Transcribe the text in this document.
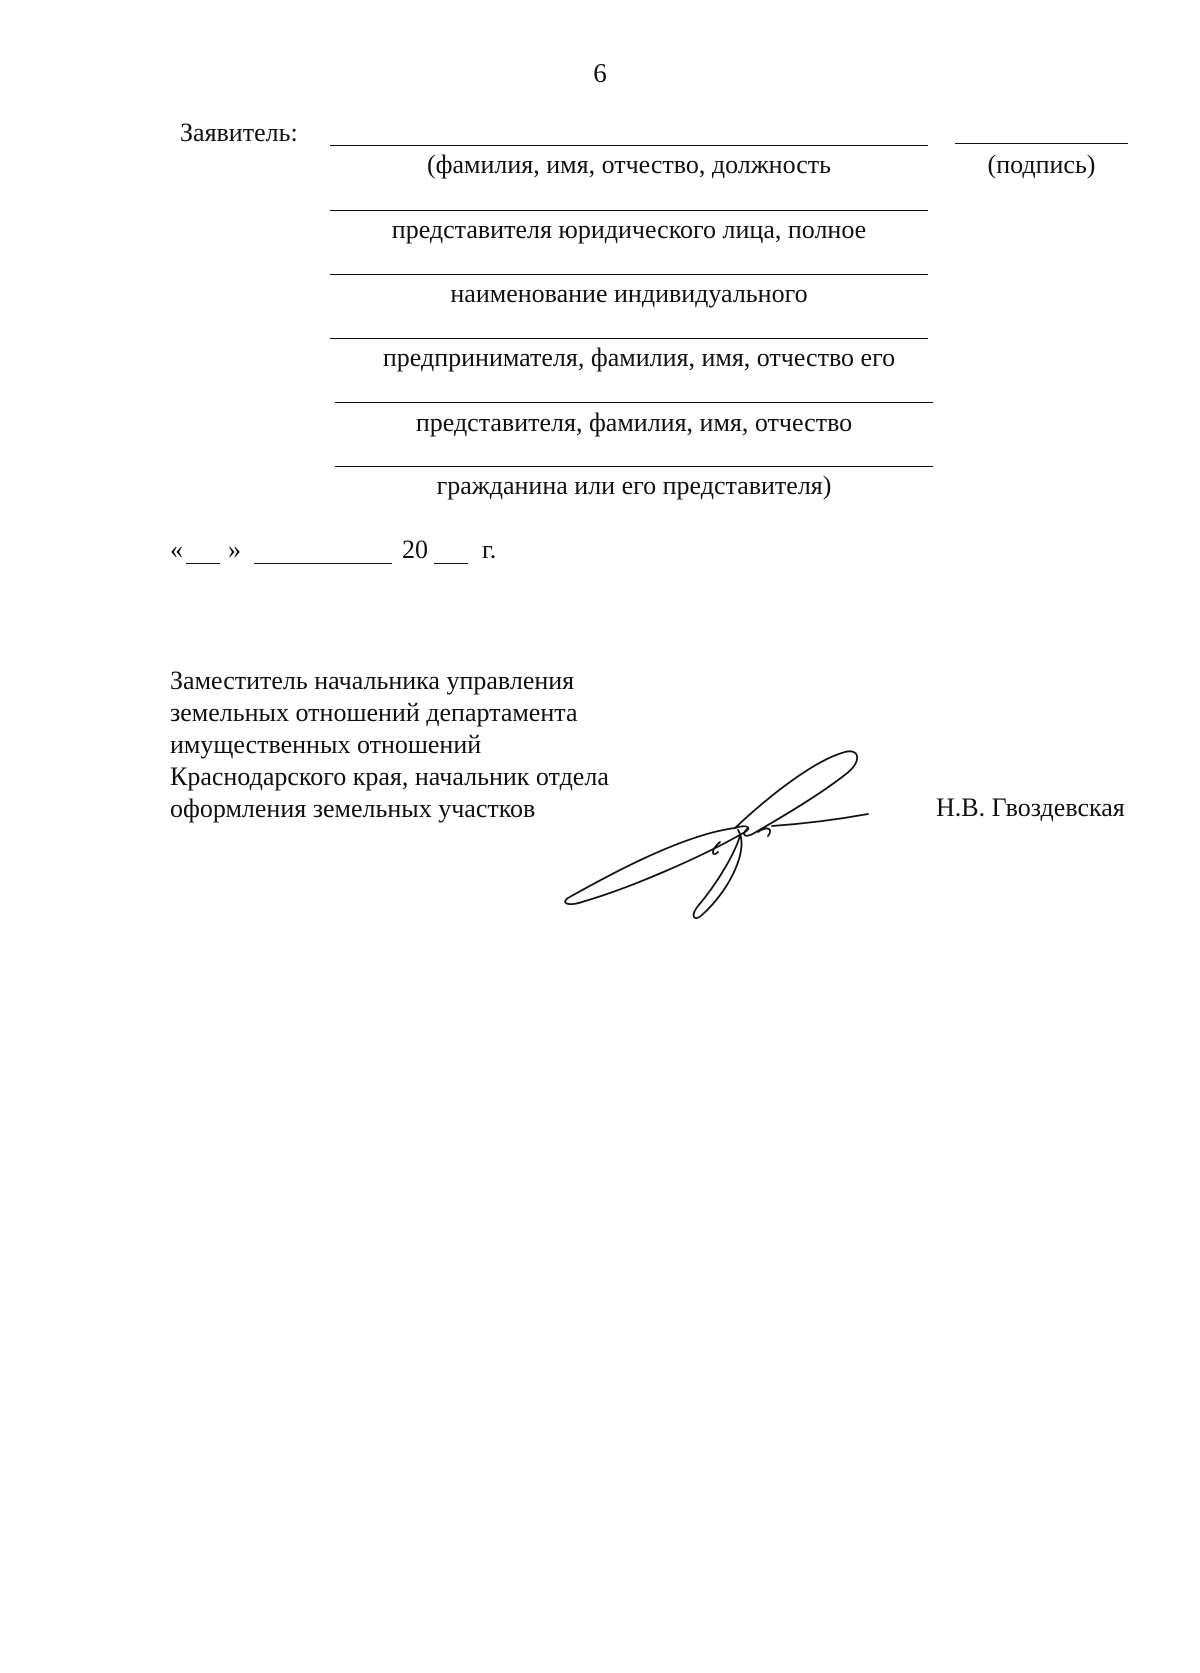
6
Заявитель:
(фамилия, имя, отчество, должность	(подпись)
представителя юридического лица, полное
наименование индивидуального
предпринимателя, фамилия, имя, отчество его
представителя, фамилия, имя, отчество
гражданина или его представителя)
« »	20 г.
Заместитель начальника управления
земельных отношений департамента
имущественных отношений
Краснодарского края, начальник отдела
оформления земельных участков	Н.В. Гвоздевская
